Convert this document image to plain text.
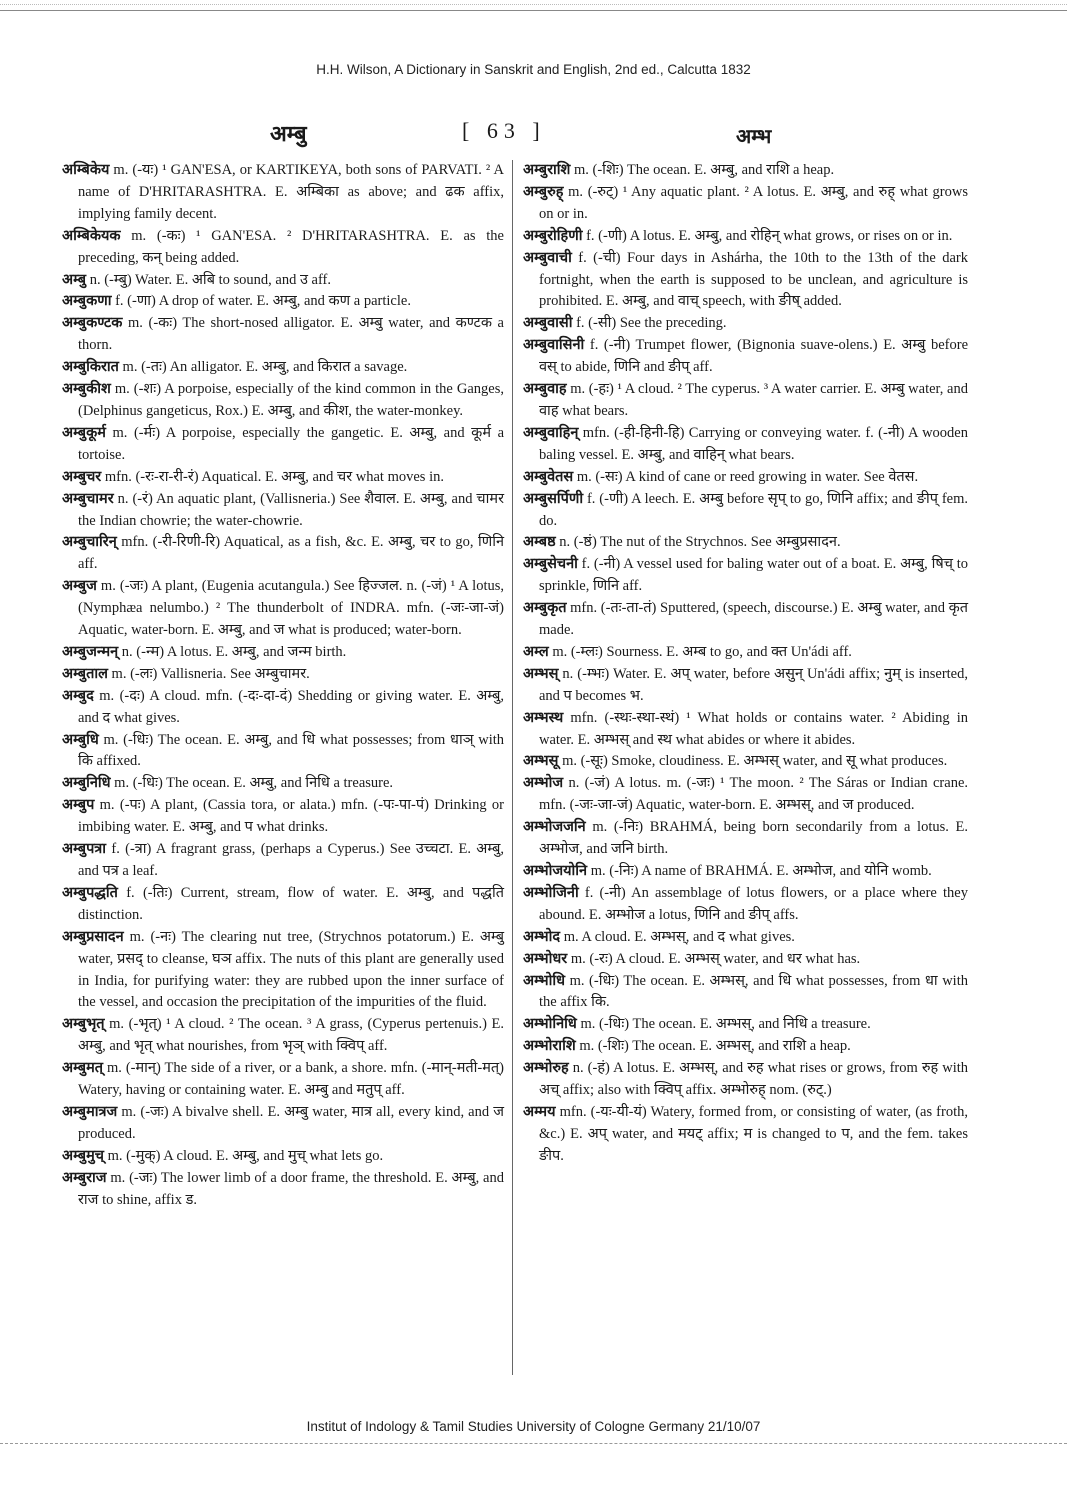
H.H. Wilson, A Dictionary in Sanskrit and English, 2nd ed., Calcutta 1832
अम्बु	[ 63 ]	अम्भ

अम्बिकेय m. (-यः) ¹ GAN'ESA, or KARTIKEYA, both sons of PARVATI. ² A name of D'HRITARASHTRA. E. अम्बिका as above; and ढक affix, implying family decent.

अम्बिकेयक m. (-कः) ¹ GAN'ESA. ² D'HRITARASHTRA. E. as the preceding, कन् being added.

अम्बु n. (-म्बु) Water. E. अबि to sound, and उ aff.

अम्बुकणा f. (-णा) A drop of water. E. अम्बु, and कण a particle.

अम्बुकण्टक m. (-कः) The short-nosed alligator. E. अम्बु water, and कण्टक a thorn.

अम्बुकिरात m. (-तः) An alligator. E. अम्बु, and किरात a savage.

अम्बुकीश m. (-शः) A porpoise, especially of the kind common in the Ganges, (Delphinus gangeticus, Rox.) E. अम्बु, and कीश, the water-monkey.

अम्बुकूर्म m. (-र्मः) A porpoise, especially the gangetic. E. अम्बु, and कूर्म a tortoise.

अम्बुचर mfn. (-रः-रा-री-रं) Aquatical. E. अम्बु, and चर what moves in.

अम्बुचामर n. (-रं) An aquatic plant, (Vallisneria.) See शैवाल. E. अम्बु, and चामर the Indian chowrie; the water-chowrie.

अम्बुचारिन् mfn. (-री-रिणी-रि) Aquatical, as a fish, &c. E. अम्बु, चर to go, णिनि aff.

अम्बुज m. (-जः) A plant, (Eugenia acutangula.) See हिज्जल. n. (-जं) ¹ A lotus, (Nymphæa nelumbo.) ² The thunderbolt of INDRA. mfn. (-जः-जा-जं) Aquatic, water-born. E. अम्बु, and ज what is produced; water-born.

अम्बुजन्मन् n. (-न्म) A lotus. E. अम्बु, and जन्म birth.

अम्बुताल m. (-लः) Vallisneria. See अम्बुचामर.

अम्बुद m. (-दः) A cloud. mfn. (-दः-दा-दं) Shedding or giving water. E. अम्बु, and द what gives.

अम्बुधि m. (-धिः) The ocean. E. अम्बु, and धि what possesses; from धाञ् with कि affixed.

अम्बुनिधि m. (-धिः) The ocean. E. अम्बु, and निधि a treasure.

अम्बुप m. (-पः) A plant, (Cassia tora, or alata.) mfn. (-पः-पा-पं) Drinking or imbibing water. E. अम्बु, and प what drinks.

अम्बुपत्रा f. (-त्रा) A fragrant grass, (perhaps a Cyperus.) See उच्चटा. E. अम्बु, and पत्र a leaf.

अम्बुपद्धति f. (-तिः) Current, stream, flow of water. E. अम्बु, and पद्धति distinction.

अम्बुप्रसादन m. (-नः) The clearing nut tree, (Strychnos potatorum.) E. अम्बु water, प्रसद् to cleanse, घञ affix. The nuts of this plant are generally used in India, for purifying water: they are rubbed upon the inner surface of the vessel, and occasion the precipitation of the impurities of the fluid.

अम्बुभृत् m. (-भृत्) ¹ A cloud. ² The ocean. ³ A grass, (Cyperus pertenuis.) E. अम्बु, and भृत् what nourishes, from भृञ् with क्विप् aff.

अम्बुमत् m. (-मान्) The side of a river, or a bank, a shore. mfn. (-मान्-मती-मत्) Watery, having or containing water. E. अम्बु and मतुप् aff.

अम्बुमात्रज m. (-जः) A bivalve shell. E. अम्बु water, मात्र all, every kind, and ज produced.

अम्बुमुच् m. (-मुक्) A cloud. E. अम्बु, and मुच् what lets go.

अम्बुराज m. (-जः) The lower limb of a door frame, the threshold. E. अम्बु, and राज to shine, affix ड.

अम्बुराशि m. (-शिः) The ocean. E. अम्बु, and राशि a heap.

अम्बुरुह् m. (-रुट्) ¹ Any aquatic plant. ² A lotus. E. अम्बु, and रुह् what grows on or in.

अम्बुरोहिणी f. (-णी) A lotus. E. अम्बु, and रोहिन् what grows, or rises on or in.

अम्बुवाची f. (-ची) Four days in Ashárha, the 10th to the 13th of the dark fortnight, when the earth is supposed to be unclean, and agriculture is prohibited. E. अम्बु, and वाच् speech, with ङीष् added.

अम्बुवासी f. (-सी) See the preceding.

अम्बुवासिनी f. (-नी) Trumpet flower, (Bignonia suave-olens.) E. अम्बु before वस् to abide, णिनि and ङीप् aff.

अम्बुवाह m. (-हः) ¹ A cloud. ² The cyperus. ³ A water carrier. E. अम्बु water, and वाह what bears.

अम्बुवाहिन् mfn. (-ही-हिनी-हि) Carrying or conveying water. f. (-नी) A wooden baling vessel. E. अम्बु, and वाहिन् what bears.

अम्बुवेतस m. (-सः) A kind of cane or reed growing in water. See वेतस.

अम्बुसर्पिणी f. (-णी) A leech. E. अम्बु before सृप् to go, णिनि affix; and ङीप् fem. do.

अम्बष्ठ n. (-ष्ठं) The nut of the Strychnos. See अम्बुप्रसादन.

अम्बुसेचनी f. (-नी) A vessel used for baling water out of a boat. E. अम्बु, षिच् to sprinkle, णिनि aff.

अम्बुकृत mfn. (-तः-ता-तं) Sputtered, (speech, discourse.) E. अम्बु water, and कृत made.

अम्ल m. (-म्लः) Sourness. E. अम्ब to go, and क्त Un'ádi aff.

अम्भस् n. (-म्भः) Water. E. अप् water, before असुन् Un'ádi affix; नुम् is inserted, and प becomes भ.

अम्भस्थ mfn. (-स्थः-स्था-स्थं) ¹ What holds or contains water. ² Abiding in water. E. अम्भस् and स्थ what abides or where it abides.

अम्भसू m. (-सूः) Smoke, cloudiness. E. अम्भस् water, and सू what produces.

अम्भोज n. (-जं) A lotus. m. (-जः) ¹ The moon. ² The Sáras or Indian crane. mfn. (-जः-जा-जं) Aquatic, water-born. E. अम्भस्, and ज produced.

अम्भोजजनि m. (-निः) BRAHMÁ, being born secondarily from a lotus. E. अम्भोज, and जनि birth.

अम्भोजयोनि m. (-निः) A name of BRAHMÁ. E. अम्भोज, and योनि womb.

अम्भोजिनी f. (-नी) An assemblage of lotus flowers, or a place where they abound. E. अम्भोज a lotus, णिनि and ङीप् affs.

अम्भोद m. A cloud. E. अम्भस्, and द what gives.

अम्भोधर m. (-रः) A cloud. E. अम्भस् water, and धर what has.

अम्भोधि m. (-धिः) The ocean. E. अम्भस्, and धि what possesses, from धा with the affix कि.

अम्भोनिधि m. (-धिः) The ocean. E. अम्भस्, and निधि a treasure.

अम्भोराशि m. (-शिः) The ocean. E. अम्भस्, and राशि a heap.

अम्भोरुह n. (-हं) A lotus. E. अम्भस्, and रुह what rises or grows, from रुह with अच् affix; also with क्विप् affix. अम्भोरुह् nom. (रुट्.)

अम्मय mfn. (-यः-यी-यं) Watery, formed from, or consisting of water, (as froth, &c.) E. अप् water, and मयट् affix; म is changed to प, and the fem. takes ङीप.

Institut of Indology & Tamil Studies University of Cologne Germany 21/10/07
